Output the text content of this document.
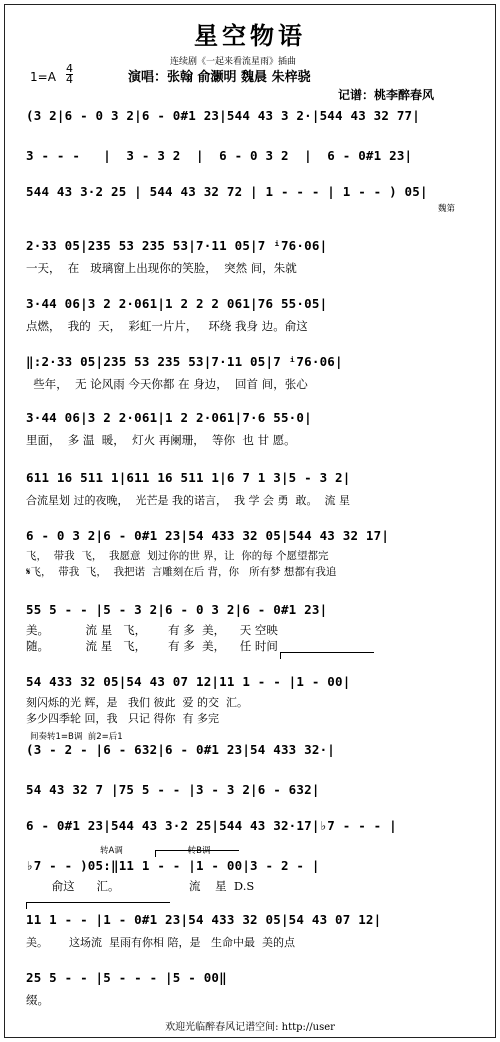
星空物语
连续剧《一起来看流星雨》插曲
1=A
4
4	演唱：张翰 俞灏明 魏晨 朱梓骁
记谱：桃李醉春风
(3 2|6 - 0 3 2|6 - 0#1 23|544 43 3 2·|544 43 32 77|
3 - - -   |  3 - 3 2  |  6 - 0 3 2  |  6 - 0#1 23|
544 43 3·2 25 | 544 43 32 72 | 1 - - - | 1 - - ) 05|
魏第
2·33 05|235 53 235 53|7·11 05|7 ⁱ76·06|
一天，  在   玻璃窗上出现你的笑脸，  突然 间，朱就
3·44 06|3 2 2·061|1 2 2 2 061|76 55·05|
点燃，  我的  天，  彩虹一片片，   环绕 我身 边。俞这
‖:2·33 05|235 53 235 53|7·11 05|7 ⁱ76·06|
些年，  无 论风雨 今天你都 在 身边，  回首 间，张心
3·44 06|3 2 2·061|1 2 2·061|7·6 55·0|
里面，  多 温  暖，  灯火 再阑珊，  等你  也 甘 愿。
611 16 511 1|611 16 511 1|6 7 1 3|5 - 3 2|
合流星划 过的夜晚，  光芒是 我的诺言，  我 学 会 勇  敢。  流 星
6 - 0 3 2|6 - 0#1 23|54 433 32 05|544 43 32 17|
飞，  带我  飞，  我愿意  划过你的世 界，让  你的每 个愿望都完
𝄋飞，  带我  飞，  我把诺  言雕刻在后 背，你   所有梦 想都有我追
55 5 - - |5 - 3 2|6 - 0 3 2|6 - 0#1 23|
美。          流 星   飞，      有 多  美，    天 空映
随。          流 星   飞，      有 多  美，    任 时间
54 433 32 05|54 43 07 12|11 1 - - |1 - 00|
刻闪烁的光 辉，是   我们 彼此  爱 的交  汇。
多少四季轮 回，我   只记 得你  有 多完
间奏转1=B调  前2=后1
(3 - 2 - |6 - 632|6 - 0#1 23|54 433 32·|
54 43 32 7 |75 5 - - |3 - 3 2|6 - 632|
6 - 0#1 23|544 43 3·2 25|544 43 32·17|♭7 - - - |
转A调                        转B调
♭7 - - )05:‖11 1 - - |1 - 00|3 - 2 - |
俞这      汇。                   流    星  D.S
11 1 - - |1 - 0#1 23|54 433 32 05|54 43 07 12|
美。      这场流  星雨有你相 陪，是   生命中最  美的点
25 5 - - |5 - - - |5 - 00‖
缀。
欢迎光临醉春风记谱空间: http://user
